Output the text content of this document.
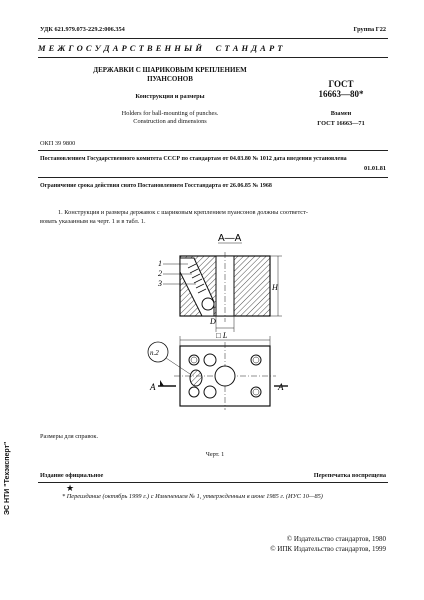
УДК 621.979.073-229.2:006.354	Группа Г22
М Е Ж Г О С У Д А Р С Т В Е Н Н Ы Й     С Т А Н Д А Р Т
ДЕРЖАВКИ С ШАРИКОВЫМ КРЕПЛЕНИЕМ
ПУАНСОНОВ
Конструкция и размеры
Holders for ball-mounting of punches.
Construction and dimensions
ГОСТ
16663—80*
Взамен
ГОСТ 16663—71
ОКП 39 9800
Постановлением Государственного комитета СССР по стандартам от 04.03.80 № 1012 дата введения установлена
01.01.81
Ограничение срока действия снято Постановлением Госстандарта от 26.06.85 № 1968
1. Конструкция и размеры державок с шариковым креплением пуансонов должны соответст-
вовать указанным на черт. 1 и в табл. 1.
А—А
H
D
1
2
3
□ L
п.2
А	А
Размеры для справок.
Черт. 1
Издание официальное	Перепечатка воспрещена
★
* Переиздание (октябрь 1999 г.) с Изменением № 1, утвержденным в июне 1985 г. (ИУС 10—85)
© Издательство стандартов, 1980
© ИПК Издательство стандартов, 1999
ЭС НТИ "Техэксперт"
